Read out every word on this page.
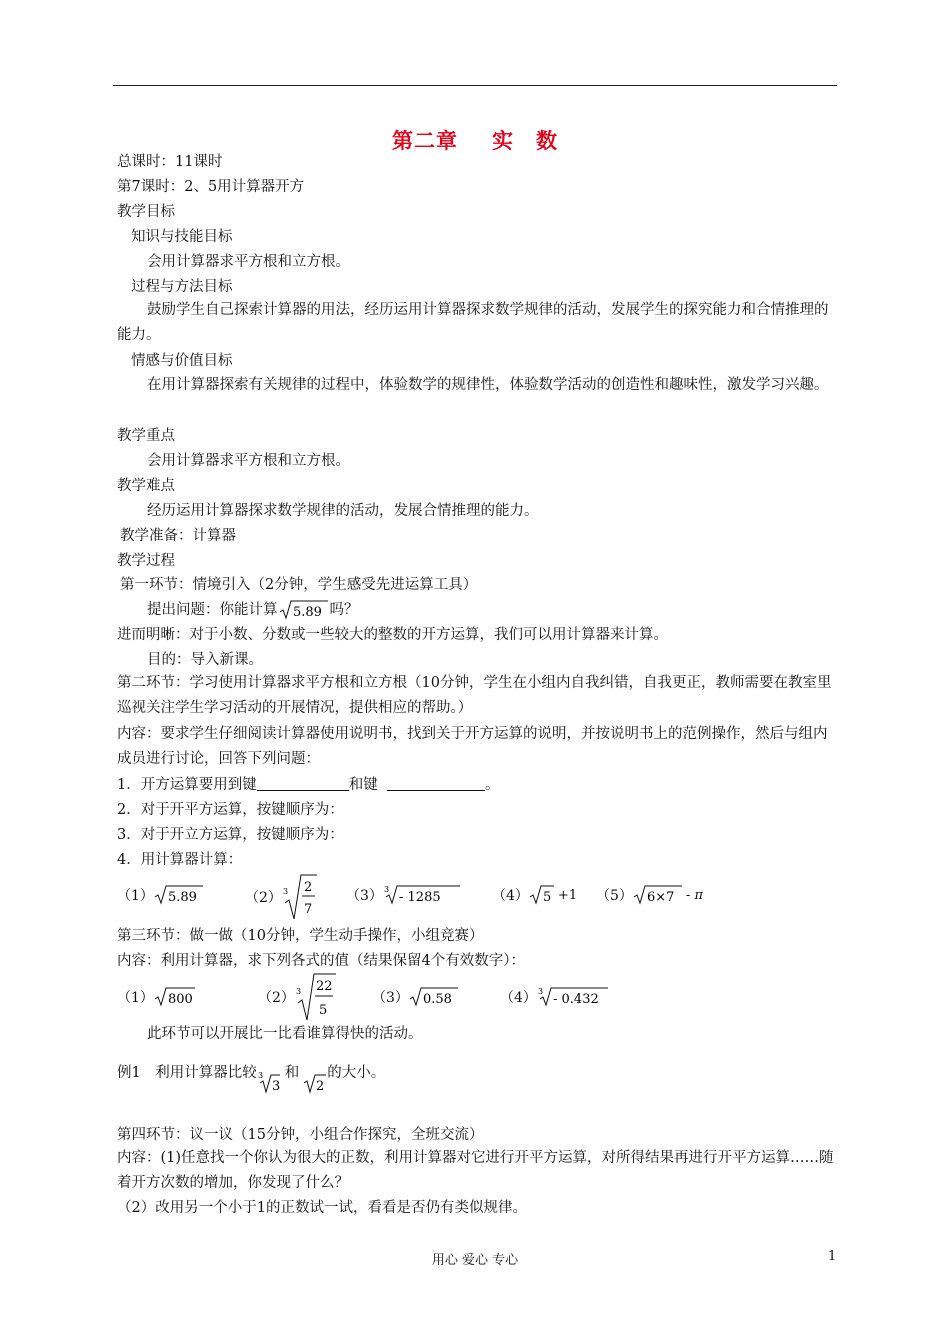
第二章 实　数
总课时：11课时
第7课时：2、5用计算器开方
教学目标
知识与技能目标
会用计算器求平方根和立方根。
过程与方法目标
鼓励学生自己探索计算器的用法，经历运用计算器探求数学规律的活动，发展学生的探究能力和合情推理的能力。
情感与价值目标
在用计算器探索有关规律的过程中，体验数学的规律性，体验数学活动的创造性和趣味性，激发学习兴趣。
教学重点
会用计算器求平方根和立方根。
教学难点
经历运用计算器探求数学规律的活动，发展合情推理的能力。
教学准备：计算器
教学过程
第一环节：情境引入（2分钟，学生感受先进运算工具）
提出问题：你能计算 5.89 吗？
进而明晰：对于小数、分数或一些较大的整数的开方运算，我们可以用计算器来计算。
目的：导入新课。
第二环节：学习使用计算器求平方根和立方根（10分钟，学生在小组内自我纠错，自我更正，教师需要在教室里巡视关注学生学习活动的开展情况，提供相应的帮助。）
内容：要求学生仔细阅读计算器使用说明书，找到关于开方运算的说明，并按说明书上的范例操作，然后与组内成员进行讨论，回答下列问题：
1．开方运算要用到键	和键	。
2．对于开平方运算，按键顺序为：
3．对于开立方运算，按键顺序为：
4．用计算器计算：
（1） 5.89	（2） 3 2
7
（3） 3
- 1285	（4） 5 +1 （5） 6×7 - π
第三环节：做一做（10分钟，学生动手操作，小组竞赛）
内容：利用计算器，求下列各式的值（结果保留4个有效数字）：
（1） 800	（2） 3 22
5
（3） 0.58	（4） 3
- 0.432
此环节可以开展比一比看谁算得快的活动。
例1　利用计算器比较 3
3
和
2
的大小。
第四环节：议一议（15分钟，小组合作探究，全班交流）
内容：(1)任意找一个你认为很大的正数，利用计算器对它进行开平方运算，对所得结果再进行开平方运算……随着开方次数的增加，你发现了什么？
（2）改用另一个小于1的正数试一试，看看是否仍有类似规律。
用心 爱心 专心	1
